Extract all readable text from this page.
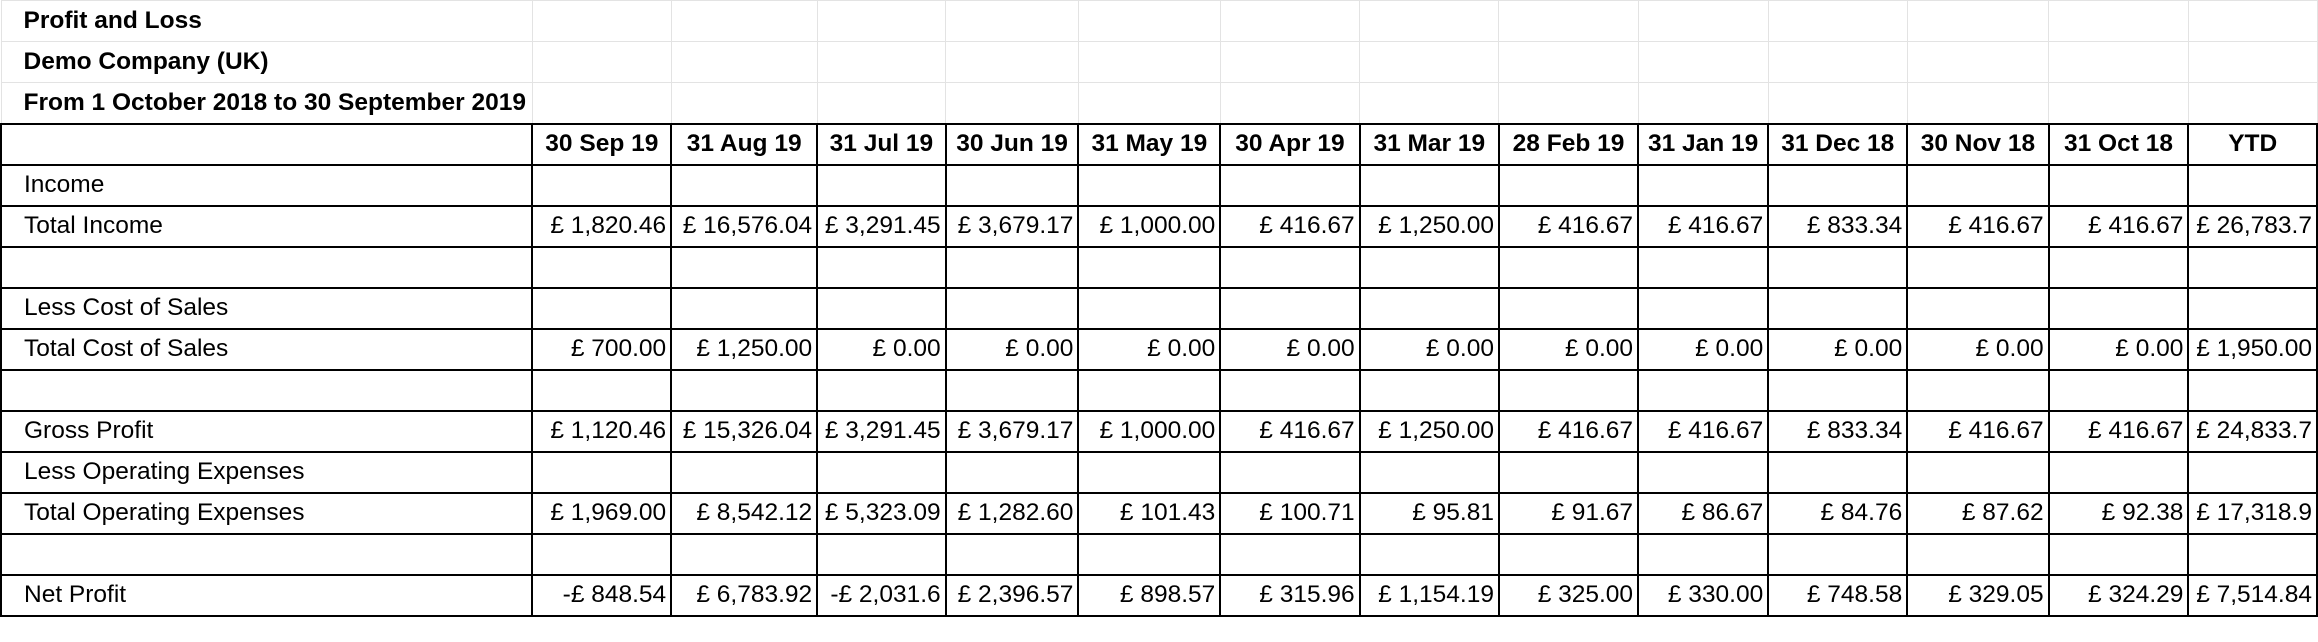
Profit and Loss													
Demo Company (UK)													
From 1 October 2018 to 30 September 2019													
	30 Sep 19	31 Aug 19	31 Jul 19	30 Jun 19	31 May 19	30 Apr 19	31 Mar 19	28 Feb 19	31 Jan 19	31 Dec 18	30 Nov 18	31 Oct 18	YTD
Income													
Total Income	£ 1,820.46	£ 16,576.04	£ 3,291.45	£ 3,679.17	£ 1,000.00	£ 416.67	£ 1,250.00	£ 416.67	£ 416.67	£ 833.34	£ 416.67	£ 416.67	£ 26,783.7

Less Cost of Sales													
Total Cost of Sales	£ 700.00	£ 1,250.00	£ 0.00	£ 0.00	£ 0.00	£ 0.00	£ 0.00	£ 0.00	£ 0.00	£ 0.00	£ 0.00	£ 0.00	£ 1,950.00

Gross Profit	£ 1,120.46	£ 15,326.04	£ 3,291.45	£ 3,679.17	£ 1,000.00	£ 416.67	£ 1,250.00	£ 416.67	£ 416.67	£ 833.34	£ 416.67	£ 416.67	£ 24,833.7
Less Operating Expenses													
Total Operating Expenses	£ 1,969.00	£ 8,542.12	£ 5,323.09	£ 1,282.60	£ 101.43	£ 100.71	£ 95.81	£ 91.67	£ 86.67	£ 84.76	£ 87.62	£ 92.38	£ 17,318.9

Net Profit	-£ 848.54	£ 6,783.92	-£ 2,031.6	£ 2,396.57	£ 898.57	£ 315.96	£ 1,154.19	£ 325.00	£ 330.00	£ 748.58	£ 329.05	£ 324.29	£ 7,514.84
